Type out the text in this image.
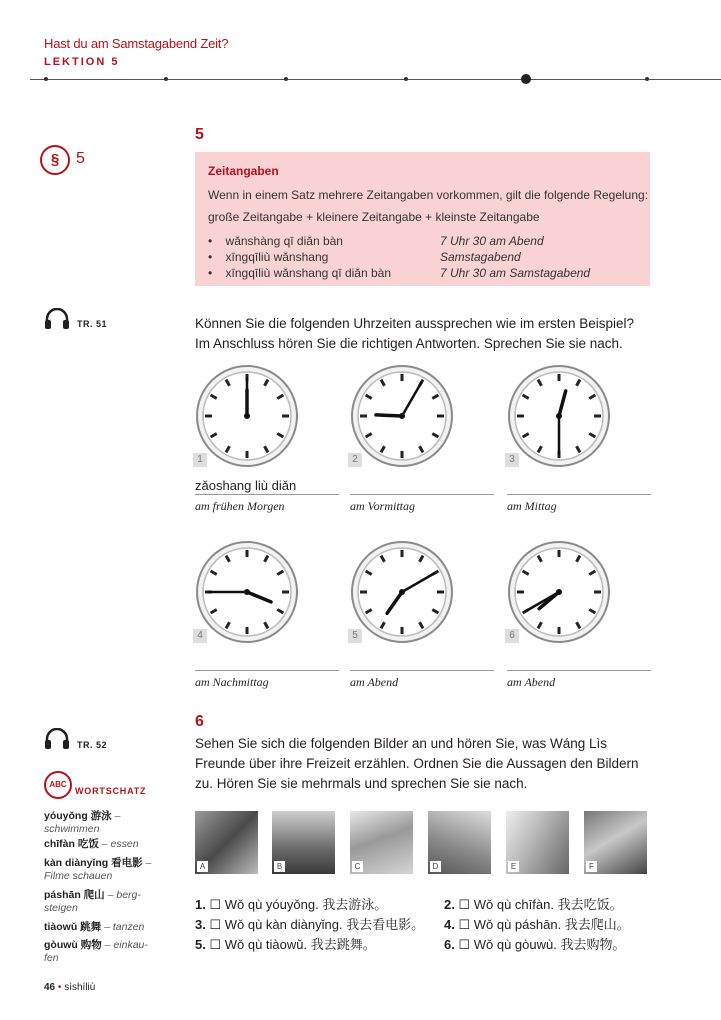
Hast du am Samstagabend Zeit?
LEKTION 5
§	5
5
Zeitangaben
Wenn in einem Satz mehrere Zeitangaben vorkommen, gilt die folgende Regelung:
große Zeitangabe + kleinere Zeitangabe + kleinste Zeitangabe
•    wǎnshàng qī diǎn bàn	7 Uhr 30 am Abend
•    xīngqīliù wǎnshang	Samstagabend
•    xīngqīliù wǎnshang qī diǎn bàn	7 Uhr 30 am Samstagabend
TR. 51	Können Sie die folgenden Uhrzeiten aussprechen wie im ersten Beispiel?
Im Anschluss hören Sie die richtigen Antworten. Sprechen Sie sie nach.
1
zǎoshang liù diǎn
am frühen Morgen
2
am Vormittag
3
am Mittag
4
am Nachmittag
5
am Abend
6
am Abend
6
TR. 52	Sehen Sie sich die folgenden Bilder an und hören Sie, was Wáng Lìs
Freunde über ihre Freizeit erzählen. Ordnen Sie die Aussagen den Bildern
zu. Hören Sie sie mehrmals und sprechen Sie sie nach.
A	B	C	D	E	F
1. ☐ Wǒ qù yóuyǒng. 我去游泳。	2. ☐ Wǒ qù chīfàn. 我去吃饭。
3. ☐ Wǒ qù kàn diànyǐng. 我去看电影。 4. ☐ Wǒ qù páshān. 我去爬山。
5. ☐ Wǒ qù tiàowǔ. 我去跳舞。	6. ☐ Wǒ qù gòuwù. 我去购物。
ABC
WORTSCHATZ
yóuyǒng 游泳 – schwimmen
chīfàn 吃饭 – essen
kàn diànyǐng 看电影 – Filme schauen
páshān 爬山 – berg- steigen
tiàowǔ 跳舞 – tanzen
gòuwù 购物 – einkau- fen
46 • sìshíliù
